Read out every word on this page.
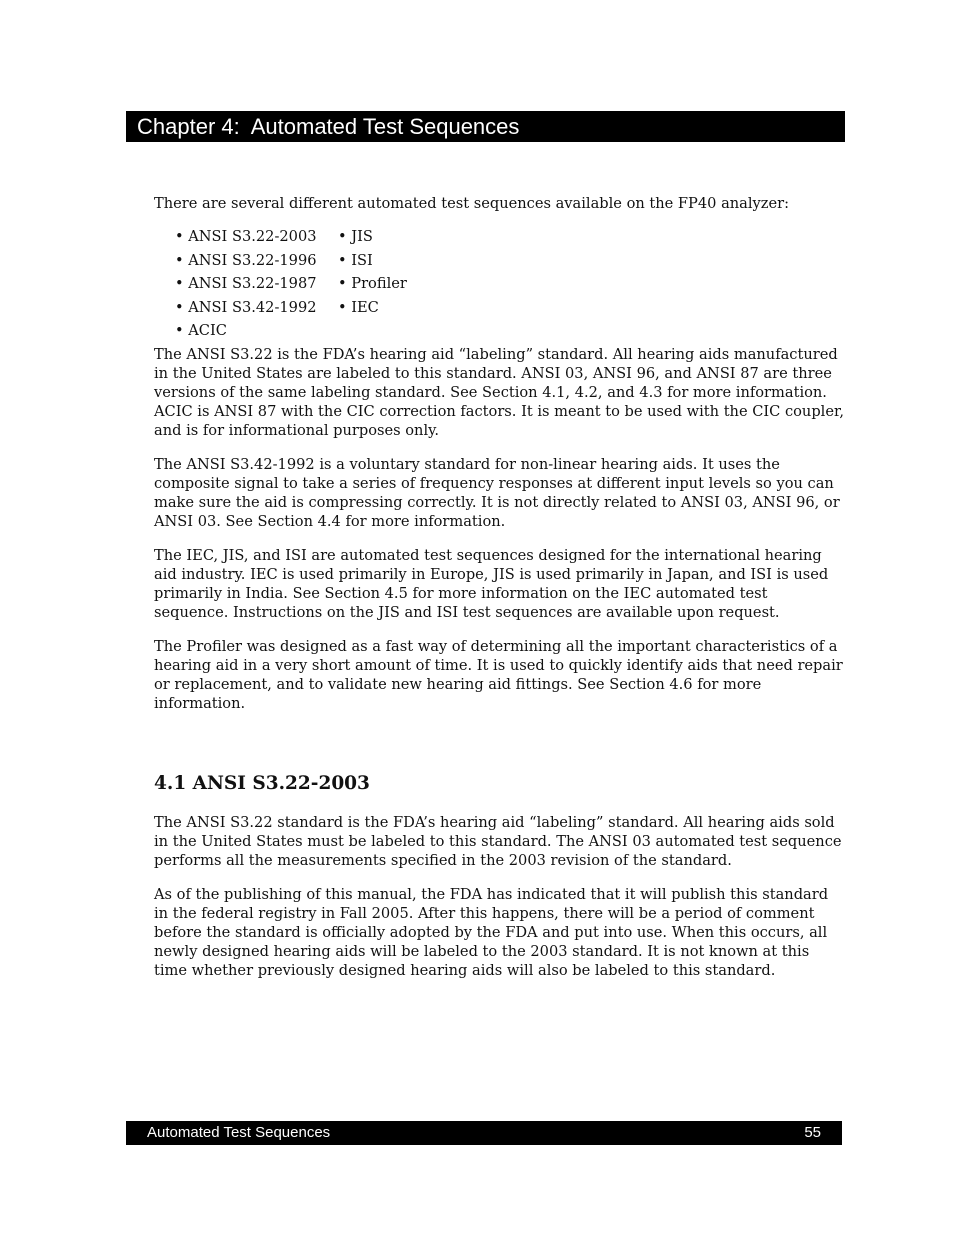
Chapter 4:  Automated Test Sequences

There are several different automated test sequences available on the FP40 analyzer:

• ANSI S3.22-2003	• JIS
• ANSI S3.22-1996	• ISI
• ANSI S3.22-1987	• Profiler
• ANSI S3.42-1992	• IEC
• ACIC

The ANSI S3.22 is the FDA’s hearing aid “labeling” standard. All hearing aids manufactured in the United States are labeled to this standard. ANSI 03, ANSI 96, and ANSI 87 are three versions of the same labeling standard. See Section 4.1, 4.2, and 4.3 for more information. ACIC is ANSI 87 with the CIC correction factors. It is meant to be used with the CIC coupler, and is for informational purposes only.

The ANSI S3.42-1992 is a voluntary standard for non-linear hearing aids. It uses the composite signal to take a series of frequency responses at different input levels so you can make sure the aid is compressing correctly. It is not directly related to ANSI 03, ANSI 96, or ANSI 03. See Section 4.4 for more information.

The IEC, JIS, and ISI are automated test sequences designed for the international hearing aid industry. IEC is used primarily in Europe, JIS is used primarily in Japan, and ISI is used primarily in India. See Section 4.5 for more information on the IEC automated test sequence. Instructions on the JIS and ISI test sequences are available upon request.

The Profiler was designed as a fast way of determining all the important characteristics of a hearing aid in a very short amount of time. It is used to quickly identify aids that need repair or replacement, and to validate new hearing aid fittings. See Section 4.6 for more information.

4.1 ANSI S3.22-2003

The ANSI S3.22 standard is the FDA’s hearing aid “labeling” standard. All hearing aids sold in the United States must be labeled to this standard. The ANSI 03 automated test sequence performs all the measurements specified in the 2003 revision of the standard.

As of the publishing of this manual, the FDA has indicated that it will publish this standard in the federal registry in Fall 2005. After this happens, there will be a period of comment before the standard is officially adopted by the FDA and put into use. When this occurs, all newly designed hearing aids will be labeled to the 2003 standard. It is not known at this time whether previously designed hearing aids will also be labeled to this standard.

Automated Test Sequences	55
